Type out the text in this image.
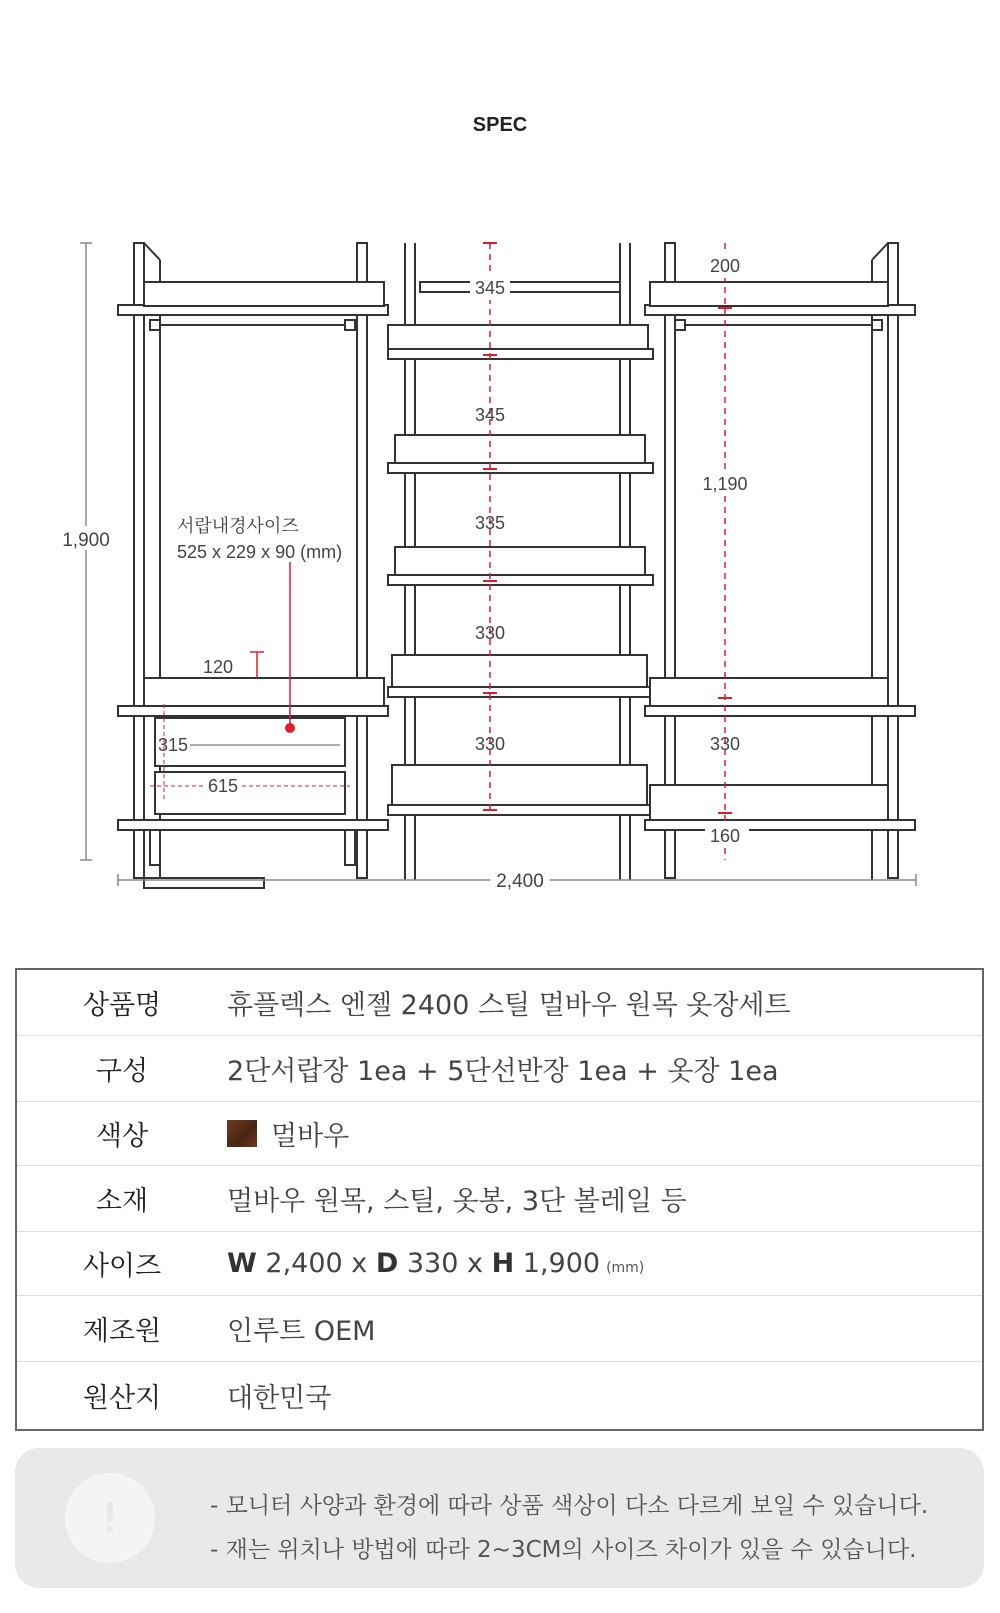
SPEC
1,900
2,400
서랍내경사이즈
525 x 229 x 90 (mm)
120
315
615
345
345
335
330
330
200
1,190
330
160
상품명	휴플렉스 엔젤 2400 스틸 멀바우 원목 옷장세트
구성	2단서랍장 1ea + 5단선반장 1ea + 옷장 1ea
색상	멀바우
소재	멀바우 원목, 스틸, 옷봉, 3단 볼레일 등
사이즈	W
2,400 x
D
330 x
H
1,900 (mm)
제조원	인루트 OEM
원산지	대한민국
!	- 모니터 사양과 환경에 따라 상품 색상이 다소 다르게 보일 수 있습니다.
- 재는 위치나 방법에 따라 2~3CM의 사이즈 차이가 있을 수 있습니다.
